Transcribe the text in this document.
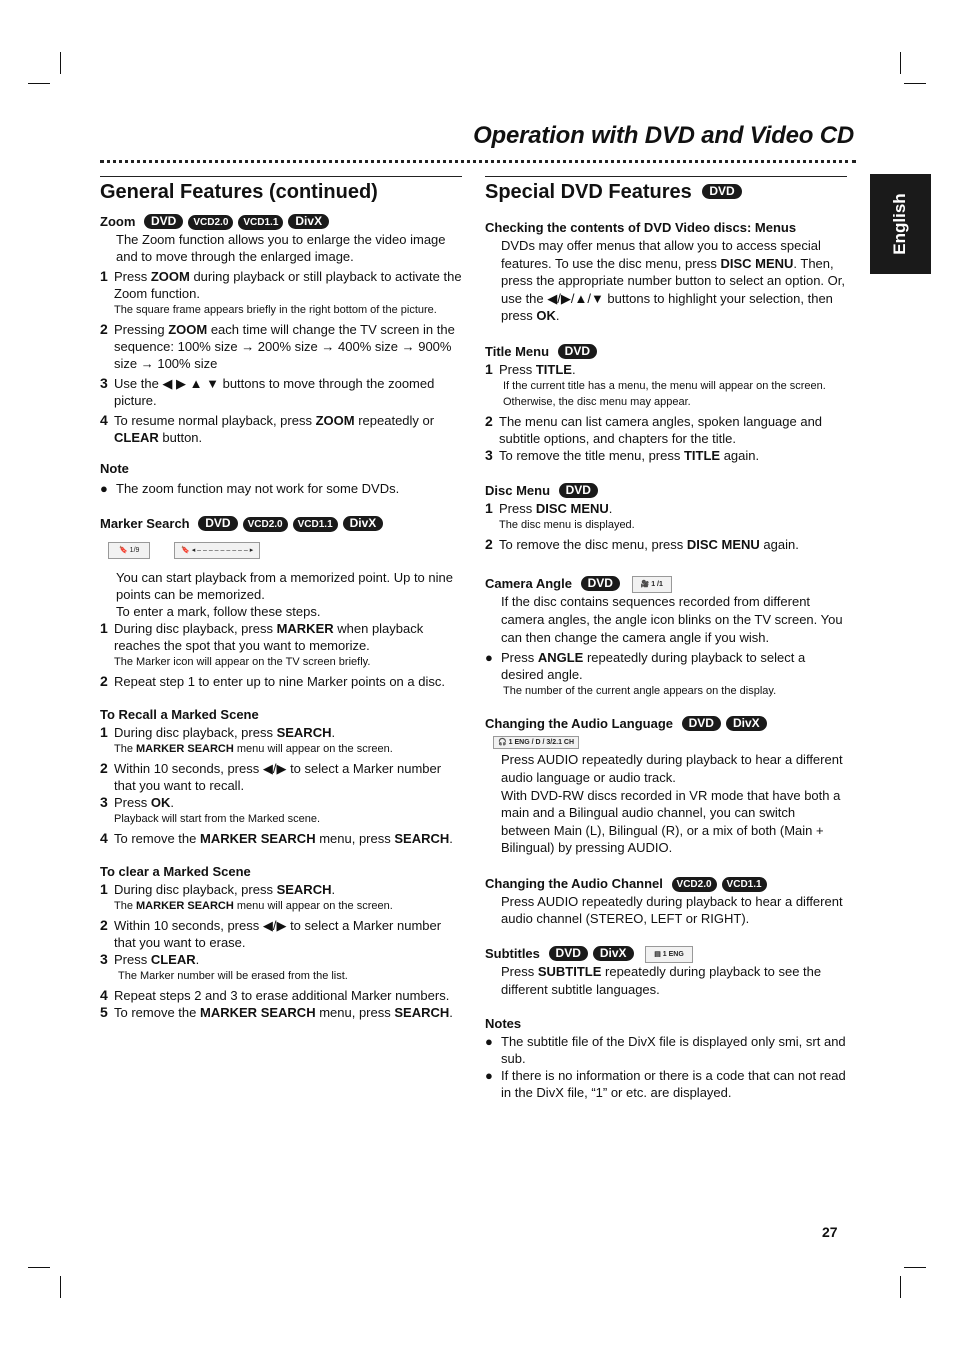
Operation with DVD and Video CD
English
General Features (continued)
Zoom DVD VCD2.0 VCD1.1 DivX

The Zoom function allows you to enlarge the video image and to move through the enlarged image.

1 Press ZOOM during playback or still playback to activate the Zoom function.

The square frame appears briefly in the right bottom of the picture.

2 Pressing ZOOM each time will change the TV screen in the sequence: 100% size → 200% size → 400% size → 900% size → 100% size
3 Use the ◀ ▶ ▲ ▼ buttons to move through the zoomed picture.
4 To resume normal playback, press ZOOM repeatedly or CLEAR button.
Note
● The zoom function may not work for some DVDs.
Marker Search DVD VCD2.0 VCD1.1 DivX
🔖 1/9	🔖 ◂ – – – – – – – – – ▸

You can start playback from a memorized point. Up to nine points can be memorized.

To enter a mark, follow these steps.

1 During disc playback, press MARKER when playback reaches the spot that you want to memorize.

The Marker icon will appear on the TV screen briefly.

2 Repeat step 1 to enter up to nine Marker points on a disc.
To Recall a Marked Scene
1 During disc playback, press SEARCH.

The MARKER SEARCH menu will appear on the screen.

2 Within 10 seconds, press ◀/▶ to select a Marker number that you want to recall.
3 Press OK.

Playback will start from the Marked scene.

4 To remove the MARKER SEARCH menu, press SEARCH.
To clear a Marked Scene
1 During disc playback, press SEARCH.

The MARKER SEARCH menu will appear on the screen.

2 Within 10 seconds, press ◀/▶ to select a Marker number that you want to erase.
3 Press CLEAR.

The Marker number will be erased from the list.

4 Repeat steps 2 and 3 to erase additional Marker numbers.
5 To remove the MARKER SEARCH menu, press SEARCH.
Special DVD Features DVD
Checking the contents of DVD Video discs: Menus

DVDs may offer menus that allow you to access special features. To use the disc menu, press DISC MENU. Then, press the appropriate number button to select an option. Or, use the ◀/▶/▲/▼ buttons to highlight your selection, then press OK.

Title Menu DVD
1 Press TITLE.

If the current title has a menu, the menu will appear on the screen. Otherwise, the disc menu may appear.

2 The menu can list camera angles, spoken language and subtitle options, and chapters for the title.
3 To remove the title menu, press TITLE again.
Disc Menu DVD
1 Press DISC MENU.

The disc menu is displayed.

2 To remove the disc menu, press DISC MENU again.
Camera Angle DVD	🎥 1 /1

If the disc contains sequences recorded from different camera angles, the angle icon blinks on the TV screen. You can then change the camera angle if you wish.

● Press ANGLE repeatedly during playback to select a desired angle.

The number of the current angle appears on the display.

Changing the Audio Language DVD DivX 🎧 1 ENG / D / 3/2.1 CH

Press AUDIO repeatedly during playback to hear a different audio language or audio track.

With DVD-RW discs recorded in VR mode that have both a main and a Bilingual audio channel, you can switch between Main (L), Bilingual (R), or a mix of both (Main + Bilingual) by pressing AUDIO.

Changing the Audio Channel VCD2.0 VCD1.1

Press AUDIO repeatedly during playback to hear a different audio channel (STEREO, LEFT or RIGHT).

Subtitles DVD DivX	▤ 1 ENG

Press SUBTITLE repeatedly during playback to see the different subtitle languages.

Notes
● The subtitle file of the DivX file is displayed only smi, srt and sub.
● If there is no information or there is a code that can not read in the DivX file, “1” or etc. are displayed.
27
